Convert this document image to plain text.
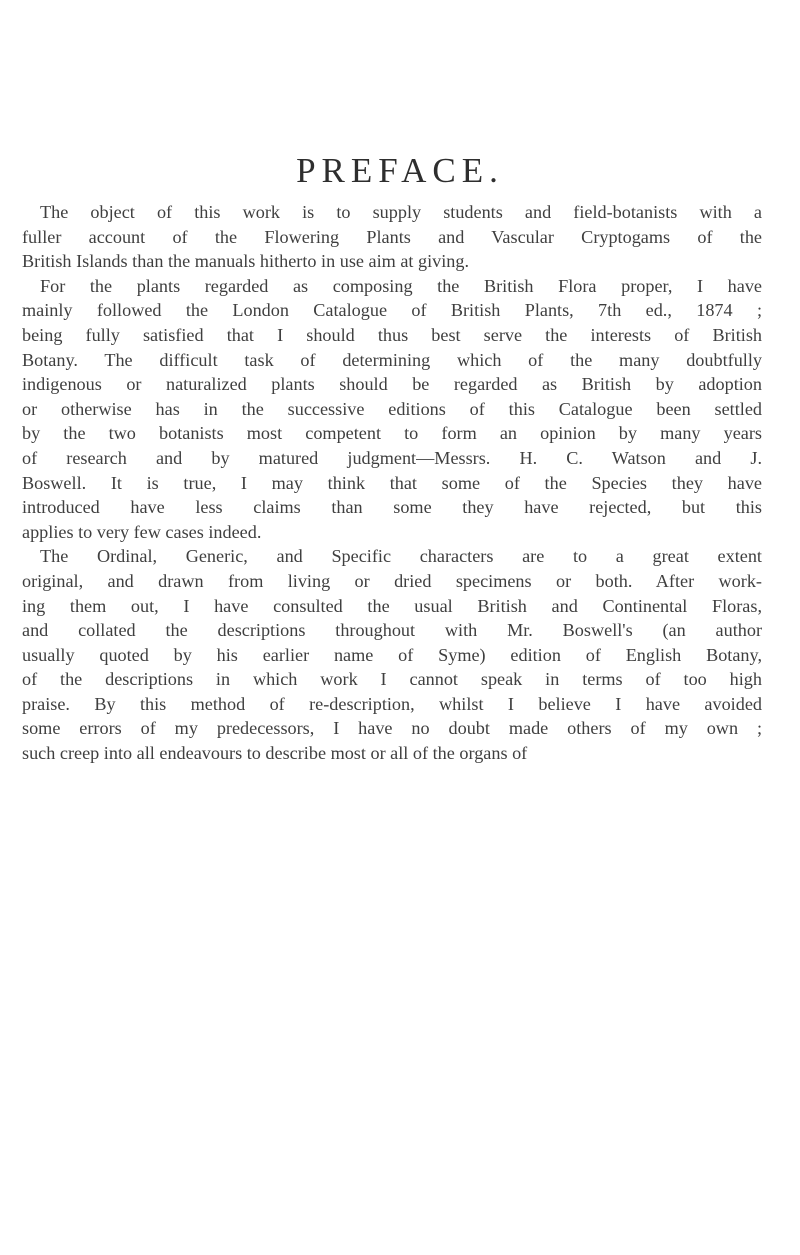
PREFACE.
The object of this work is to supply students and field-botanists with a
fuller account of the Flowering Plants and Vascular Cryptogams of the
British Islands than the manuals hitherto in use aim at giving.
For the plants regarded as composing the British Flora proper, I have
mainly followed the London Catalogue of British Plants, 7th ed., 1874 ;
being fully satisfied that I should thus best serve the interests of British
Botany. The difficult task of determining which of the many doubtfully
indigenous or naturalized plants should be regarded as British by adoption
or otherwise has in the successive editions of this Catalogue been settled
by the two botanists most competent to form an opinion by many years
of research and by matured judgment—Messrs. H. C. Watson and J.
Boswell. It is true, I may think that some of the Species they have
introduced have less claims than some they have rejected, but this
applies to very few cases indeed.
The Ordinal, Generic, and Specific characters are to a great extent
original, and drawn from living or dried specimens or both. After work-
ing them out, I have consulted the usual British and Continental Floras,
and collated the descriptions throughout with Mr. Boswell's (an author
usually quoted by his earlier name of Syme) edition of English Botany,
of the descriptions in which work I cannot speak in terms of too high
praise. By this method of re-description, whilst I believe I have avoided
some errors of my predecessors, I have no doubt made others of my own ;
such creep into all endeavours to describe most or all of the organs of
